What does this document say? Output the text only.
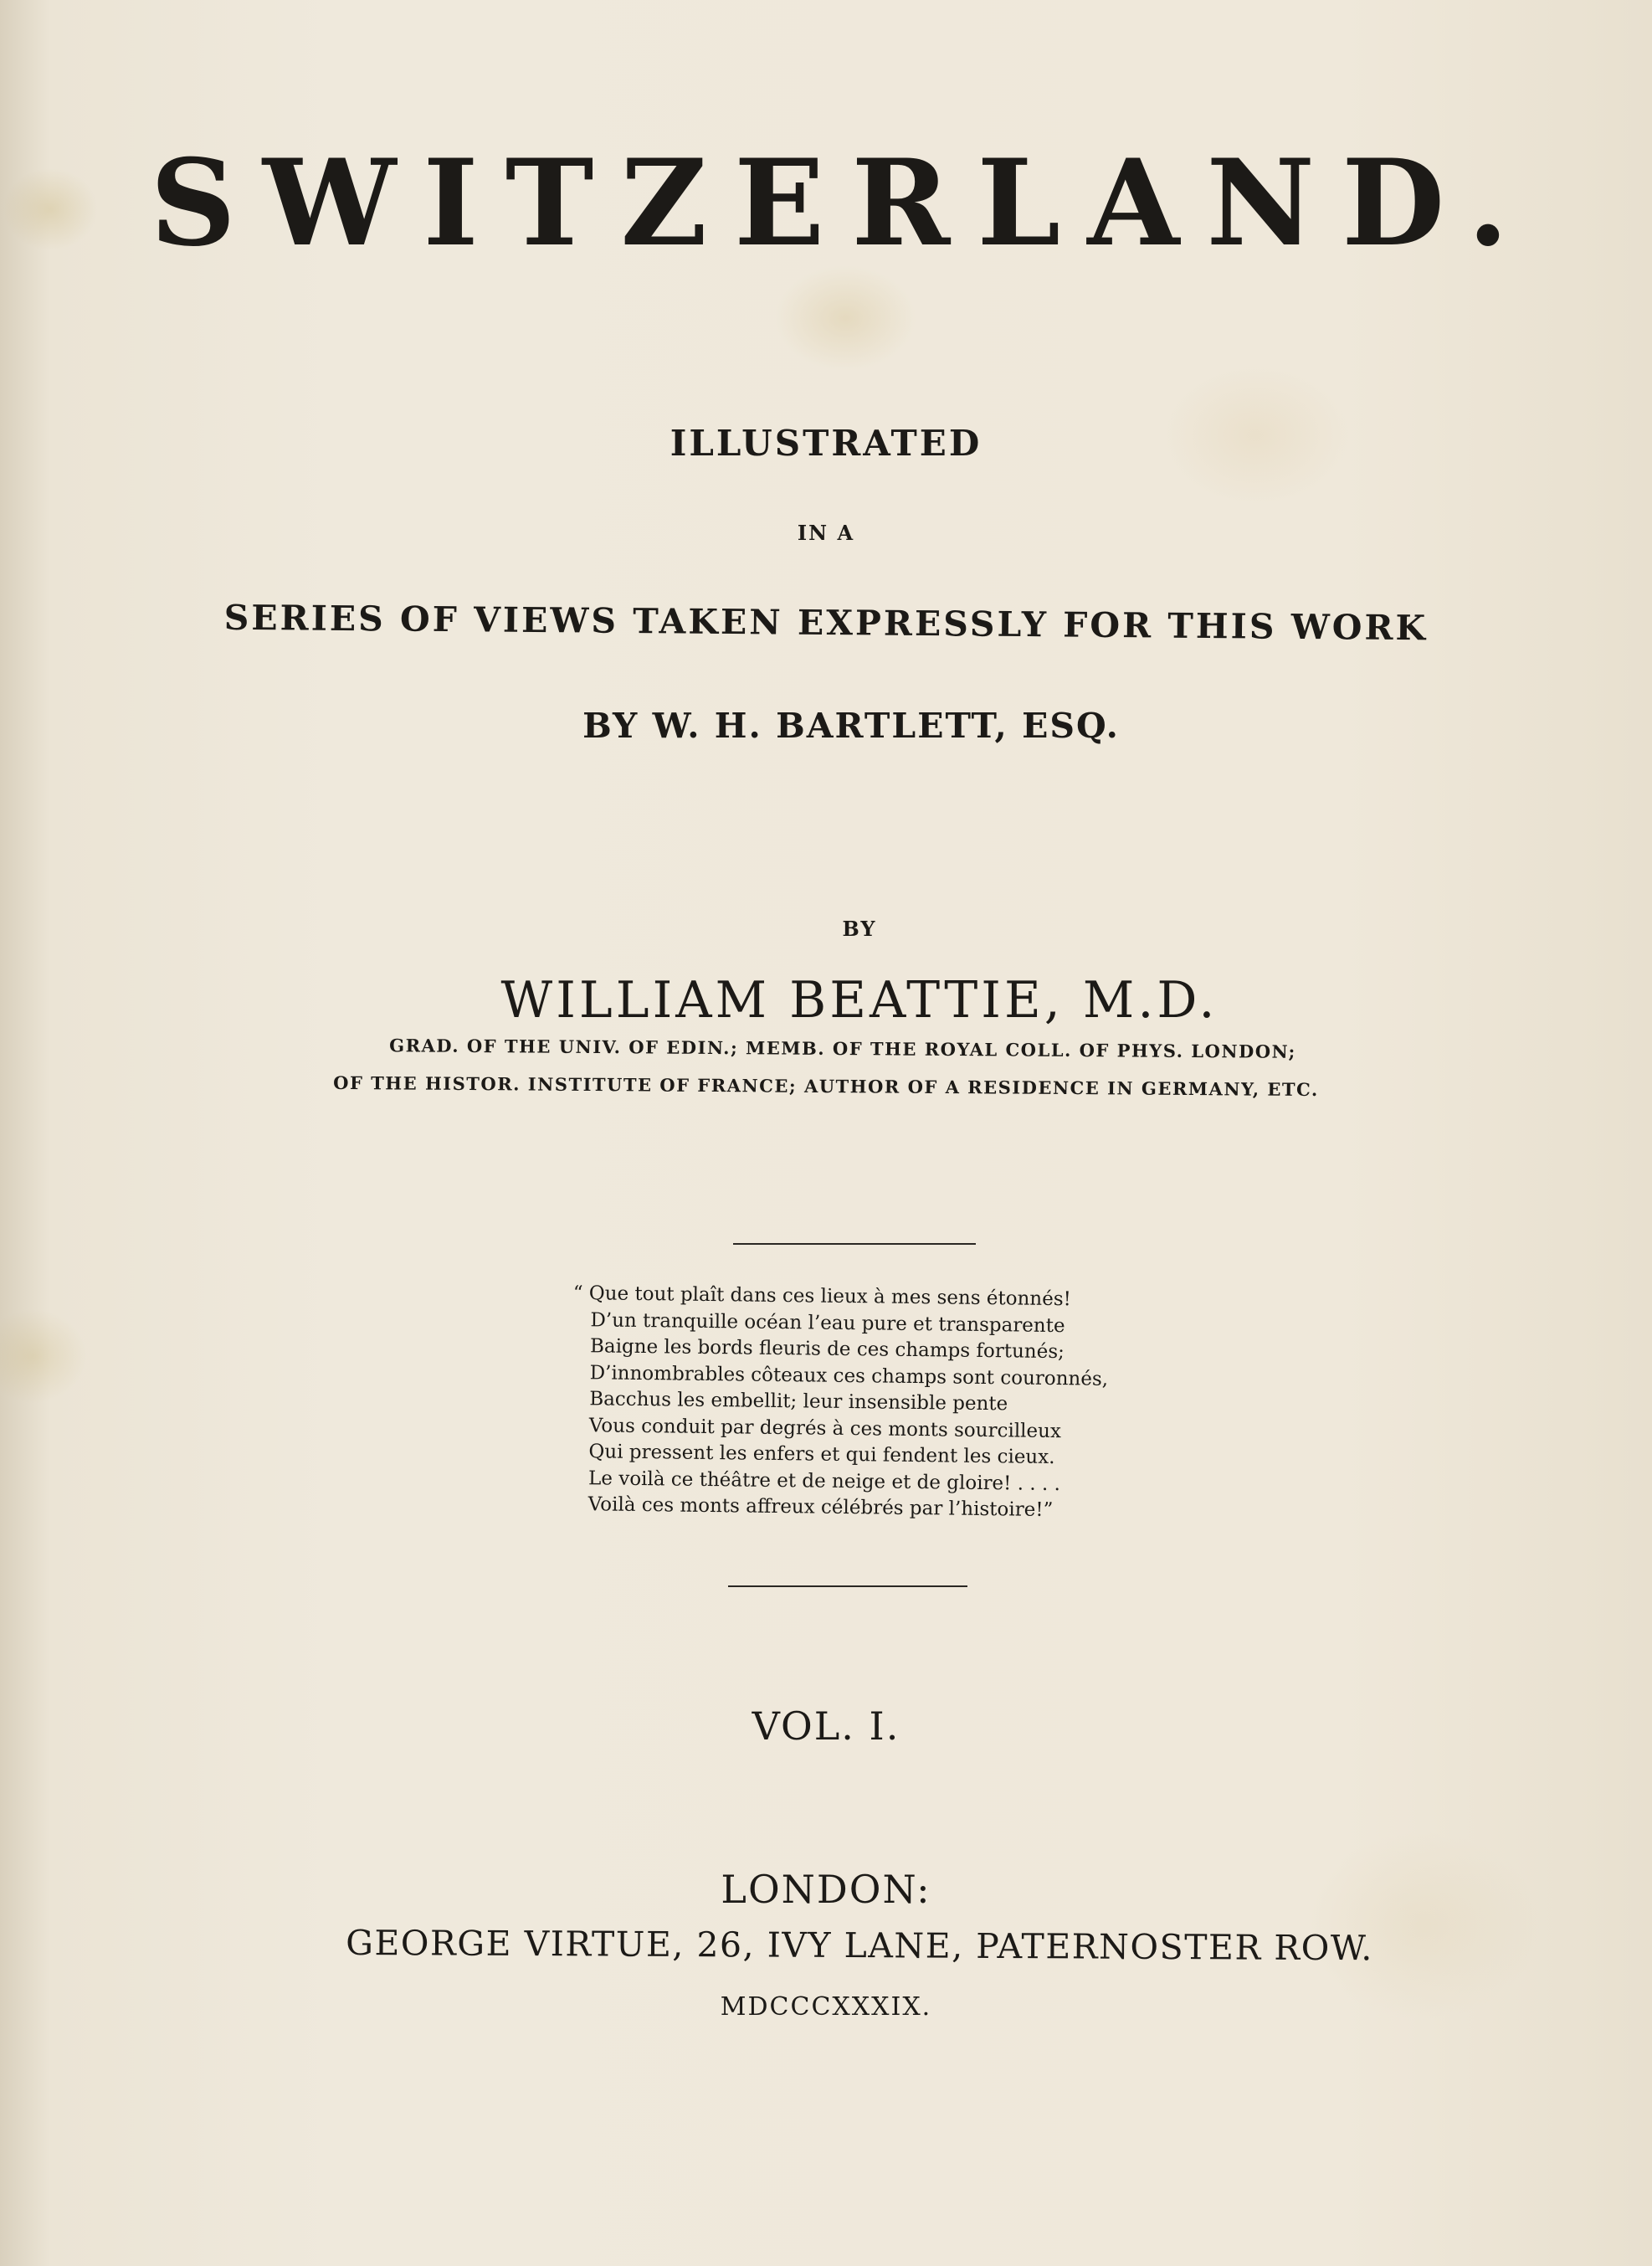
SWITZERLAND.
ILLUSTRATED
IN A
SERIES OF VIEWS TAKEN EXPRESSLY FOR THIS WORK
BY W. H. BARTLETT, ESQ.
BY
WILLIAM BEATTIE, M.D.
GRAD. OF THE UNIV. OF EDIN.; MEMB. OF THE ROYAL COLL. OF PHYS. LONDON;
OF THE HISTOR. INSTITUTE OF FRANCE; AUTHOR OF A RESIDENCE IN GERMANY, ETC.
“ Que tout plaît dans ces lieux à mes sens étonnés!
D’un tranquille océan l’eau pure et transparente
Baigne les bords fleuris de ces champs fortunés;
D’innombrables côteaux ces champs sont couronnés,
Bacchus les embellit; leur insensible pente
Vous conduit par degrés à ces monts sourcilleux
Qui pressent les enfers et qui fendent les cieux.
Le voilà ce théâtre et de neige et de gloire! . . . .
Voilà ces monts affreux célébrés par l’histoire!”
VOL. I.
LONDON:
GEORGE VIRTUE, 26, IVY LANE, PATERNOSTER ROW.
MDCCCXXXIX.
